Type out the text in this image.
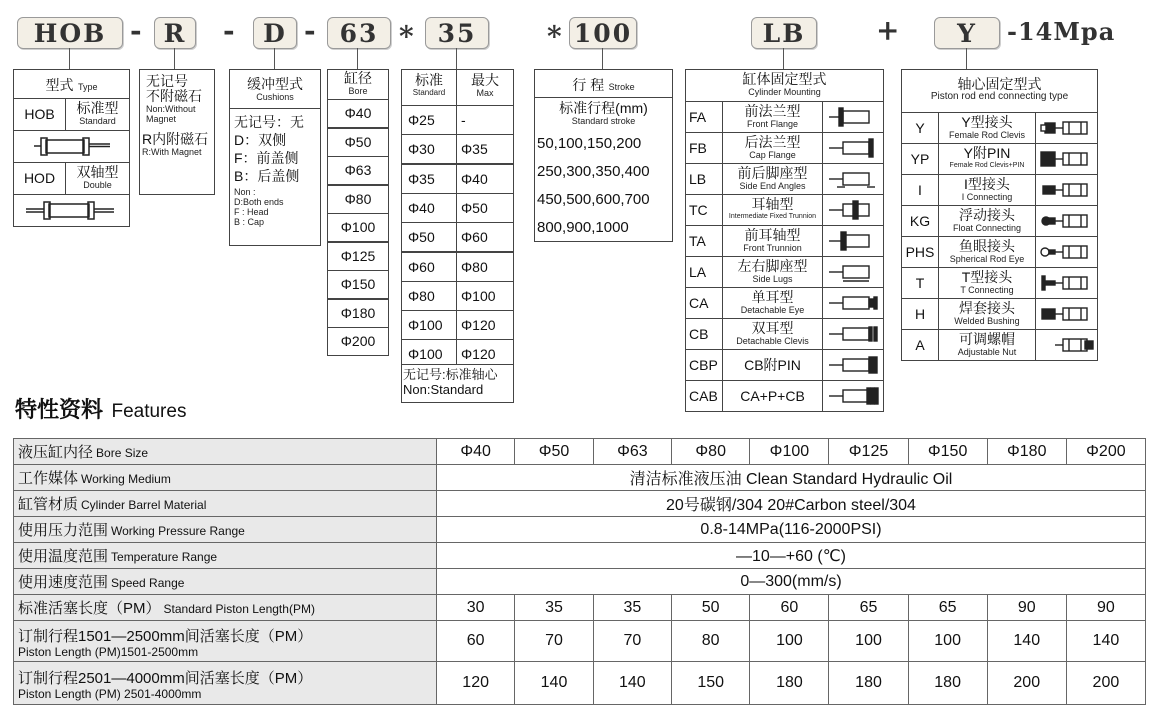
HOB - R	-	D - 63 * 35	* 100	LB	+	Y	-14Mpa
型式 Type
HOB	标准型
Standard
HOD	双轴型
Double
无记号
不附磁石
Non:Without
Magnet
R内附磁石
R:With Magnet
缓冲型式
Cushions
无记号：无
D：双侧
F：前盖侧
B：后盖侧
Non :
D:Both ends
F : Head
B : Cap
缸径
Bore
Φ40
Φ50
Φ63
Φ80
Φ100
Φ125
Φ150
Φ180
Φ200
标准
Standard
最大
Max
Φ25	-
Φ30	Φ35
Φ35	Φ40
Φ40	Φ50
Φ50	Φ60
Φ60	Φ80
Φ80	Φ100
Φ100	Φ120
Φ100	Φ120
无记号:标准轴心
Non:Standard
行 程 Stroke
标准行程(mm)
Standard stroke
50,100,150,200
250,300,350,400
450,500,600,700
800,900,1000
缸体固定型式
Cylinder Mounting
FA	前法兰型
Front Flange
FB	后法兰型
Cap Flange
LB	前后脚座型
Side End Angles
TC	耳轴型
Intermediate Fixed Trunnion
TA	前耳轴型
Front Trunnion
LA	左右脚座型
Side Lugs
CA	单耳型
Detachable Eye
CB	双耳型
Detachable Clevis
CBP	CB附PIN
CAB	CA+P+CB
轴心固定型式
Piston rod end connecting type
Y	Y型接头
Female Rod Clevis
YP	Y附PIN
Female Rod Clevis+PIN
I	I型接头
I Connecting
KG	浮动接头
Float Connecting
PHS	鱼眼接头
Spherical Rod Eye
T	T型接头
T Connecting
H	焊套接头
Welded Bushing
A	可调螺帽
Adjustable Nut
特性资料 Features
液压缸内径 Bore Size	Φ40	Φ50	Φ63	Φ80	Φ100	Φ125	Φ150	Φ180	Φ200
工作媒体 Working Medium	清洁标准液压油 Clean Standard Hydraulic Oil								
缸管材质 Cylinder Barrel Material	20号碳钢/304 20#Carbon steel/304								
使用压力范围 Working Pressure Range	0.8-14MPa(116-2000PSI)								
使用温度范围 Temperature Range	—10—+60 (℃)								
使用速度范围 Speed Range	0—300(mm/s)								
标准活塞长度（PM） Standard Piston Length(PM)	30	35	35	50	60	65	65	90	90

订制行程1501—2500mm间活塞长度（PM）
Piston Length (PM)1501-2500mm	60	70	70	80	100	100	100	140	140

订制行程2501—4000mm间活塞长度（PM）
Piston Length (PM) 2501-4000mm	120	140	140	150	180	180	180	200	200
